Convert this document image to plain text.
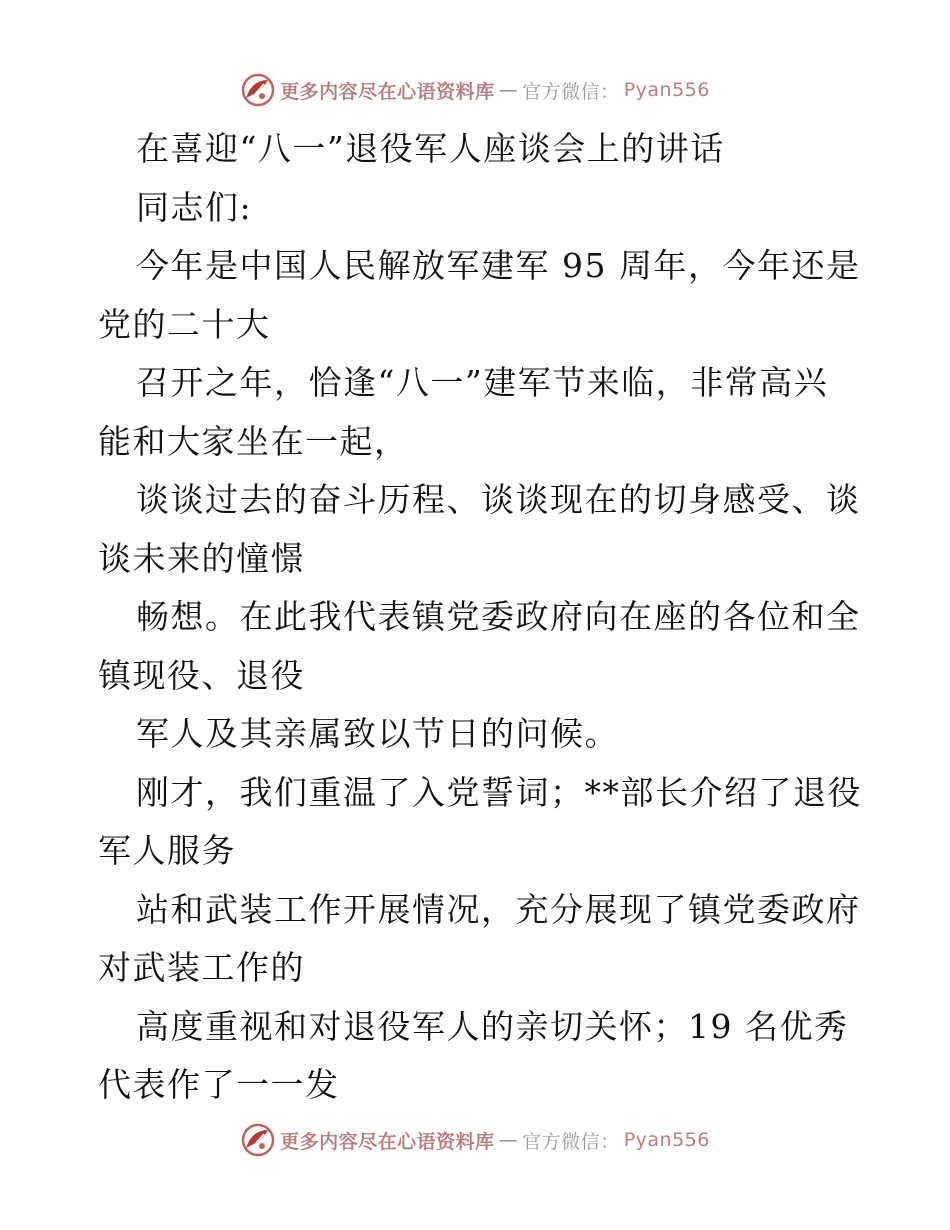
更多内容尽在心语资料库 — 官方微信： Pyan556
在喜迎“八一”退役军人座谈会上的讲话
同志们:
今年是中国人民解放军建军 95 周年，今年还是
党的二十大
召开之年，恰逢“八一”建军节来临，非常高兴
能和大家坐在一起，
谈谈过去的奋斗历程、谈谈现在的切身感受、谈
谈未来的憧憬
畅想。在此我代表镇党委政府向在座的各位和全
镇现役、退役
军人及其亲属致以节日的问候。
刚才，我们重温了入党誓词；**部长介绍了退役
军人服务
站和武装工作开展情况，充分展现了镇党委政府
对武装工作的
高度重视和对退役军人的亲切关怀；19 名优秀
代表作了一一发
更多内容尽在心语资料库 — 官方微信： Pyan556
